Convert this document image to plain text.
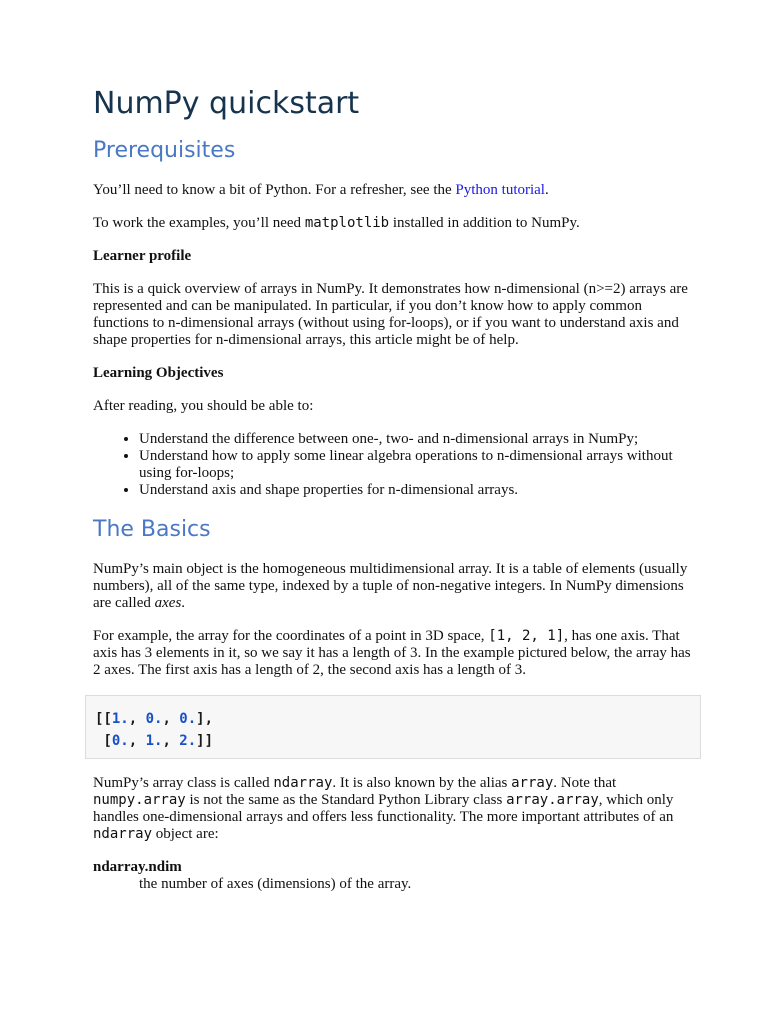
NumPy quickstart
Prerequisites

You’ll need to know a bit of Python. For a refresher, see the Python tutorial.

To work the examples, you’ll need matplotlib installed in addition to NumPy.

Learner profile

This is a quick overview of arrays in NumPy. It demonstrates how n-dimensional (n>=2) arrays are represented and can be manipulated. In particular, if you don’t know how to apply common functions to n-dimensional arrays (without using for-loops), or if you want to understand axis and shape properties for n-dimensional arrays, this article might be of help.

Learning Objectives

After reading, you should be able to:

• Understand the difference between one-, two- and n-dimensional arrays in NumPy;
• Understand how to apply some linear algebra operations to n-dimensional arrays without using for-loops;
• Understand axis and shape properties for n-dimensional arrays.
The Basics

NumPy’s main object is the homogeneous multidimensional array. It is a table of elements (usually numbers), all of the same type, indexed by a tuple of non-negative integers. In NumPy dimensions are called axes.

For example, the array for the coordinates of a point in 3D space, [1, 2, 1], has one axis. That axis has 3 elements in it, so we say it has a length of 3. In the example pictured below, the array has 2 axes. The first axis has a length of 2, the second axis has a length of 3.

[[1., 0., 0.],
[0., 1., 2.]]

NumPy’s array class is called ndarray. It is also known by the alias array. Note that numpy.array is not the same as the Standard Python Library class array.array, which only handles one-dimensional arrays and offers less functionality. The more important attributes of an ndarray object are:

ndarray.ndim

the number of axes (dimensions) of the array.
